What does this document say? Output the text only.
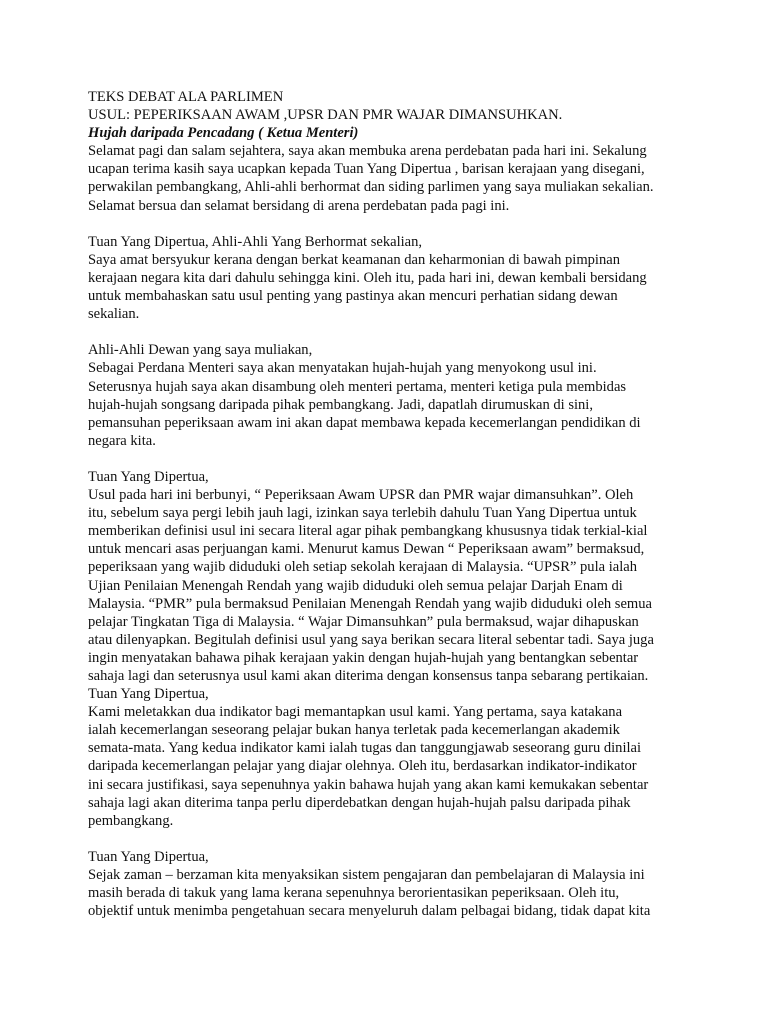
TEKS DEBAT ALA PARLIMEN
USUL: PEPERIKSAAN AWAM ,UPSR DAN PMR WAJAR DIMANSUHKAN.
Hujah daripada Pencadang ( Ketua Menteri)
Selamat pagi dan salam sejahtera, saya akan membuka arena perdebatan pada hari ini. Sekalung
ucapan terima kasih saya ucapkan kepada Tuan Yang Dipertua , barisan kerajaan yang disegani,
perwakilan pembangkang, Ahli-ahli berhormat dan siding parlimen yang saya muliakan sekalian.
Selamat bersua dan selamat bersidang di arena perdebatan pada pagi ini.
Tuan Yang Dipertua, Ahli-Ahli Yang Berhormat sekalian,
Saya amat bersyukur kerana dengan berkat keamanan dan keharmonian di bawah pimpinan
kerajaan negara kita dari dahulu sehingga kini. Oleh itu, pada hari ini, dewan kembali bersidang
untuk membahaskan satu usul penting yang pastinya akan mencuri perhatian sidang dewan
sekalian.
Ahli-Ahli Dewan yang saya muliakan,
Sebagai Perdana Menteri saya akan menyatakan hujah-hujah yang menyokong usul ini.
Seterusnya hujah saya akan disambung oleh menteri pertama, menteri ketiga pula membidas
hujah-hujah songsang daripada pihak pembangkang. Jadi, dapatlah dirumuskan di sini,
pemansuhan peperiksaan awam ini akan dapat membawa kepada kecemerlangan pendidikan di
negara kita.
Tuan Yang Dipertua,
Usul pada hari ini berbunyi, “ Peperiksaan Awam UPSR dan PMR wajar dimansuhkan”. Oleh
itu, sebelum saya pergi lebih jauh lagi, izinkan saya terlebih dahulu Tuan Yang Dipertua untuk
memberikan definisi usul ini secara literal agar pihak pembangkang khususnya tidak terkial-kial
untuk mencari asas perjuangan kami. Menurut kamus Dewan “ Peperiksaan awam” bermaksud,
peperiksaan yang wajib diduduki oleh setiap sekolah kerajaan di Malaysia. “UPSR” pula ialah
Ujian Penilaian Menengah Rendah yang wajib diduduki oleh semua pelajar Darjah Enam di
Malaysia. “PMR” pula bermaksud Penilaian Menengah Rendah yang wajib diduduki oleh semua
pelajar Tingkatan Tiga di Malaysia. “ Wajar Dimansuhkan” pula bermaksud, wajar dihapuskan
atau dilenyapkan. Begitulah definisi usul yang saya berikan secara literal sebentar tadi. Saya juga
ingin menyatakan bahawa pihak kerajaan yakin dengan hujah-hujah yang bentangkan sebentar
sahaja lagi dan seterusnya usul kami akan diterima dengan konsensus tanpa sebarang pertikaian.
Tuan Yang Dipertua,
Kami meletakkan dua indikator bagi memantapkan usul kami. Yang pertama, saya katakana
ialah kecemerlangan seseorang pelajar bukan hanya terletak pada kecemerlangan akademik
semata-mata. Yang kedua indikator kami ialah tugas dan tanggungjawab seseorang guru dinilai
daripada kecemerlangan pelajar yang diajar olehnya. Oleh itu, berdasarkan indikator-indikator
ini secara justifikasi, saya sepenuhnya yakin bahawa hujah yang akan kami kemukakan sebentar
sahaja lagi akan diterima tanpa perlu diperdebatkan dengan hujah-hujah palsu daripada pihak
pembangkang.
Tuan Yang Dipertua,
Sejak zaman – berzaman kita menyaksikan sistem pengajaran dan pembelajaran di Malaysia ini
masih berada di takuk yang lama kerana sepenuhnya berorientasikan peperiksaan. Oleh itu,
objektif untuk menimba pengetahuan secara menyeluruh dalam pelbagai bidang, tidak dapat kita
